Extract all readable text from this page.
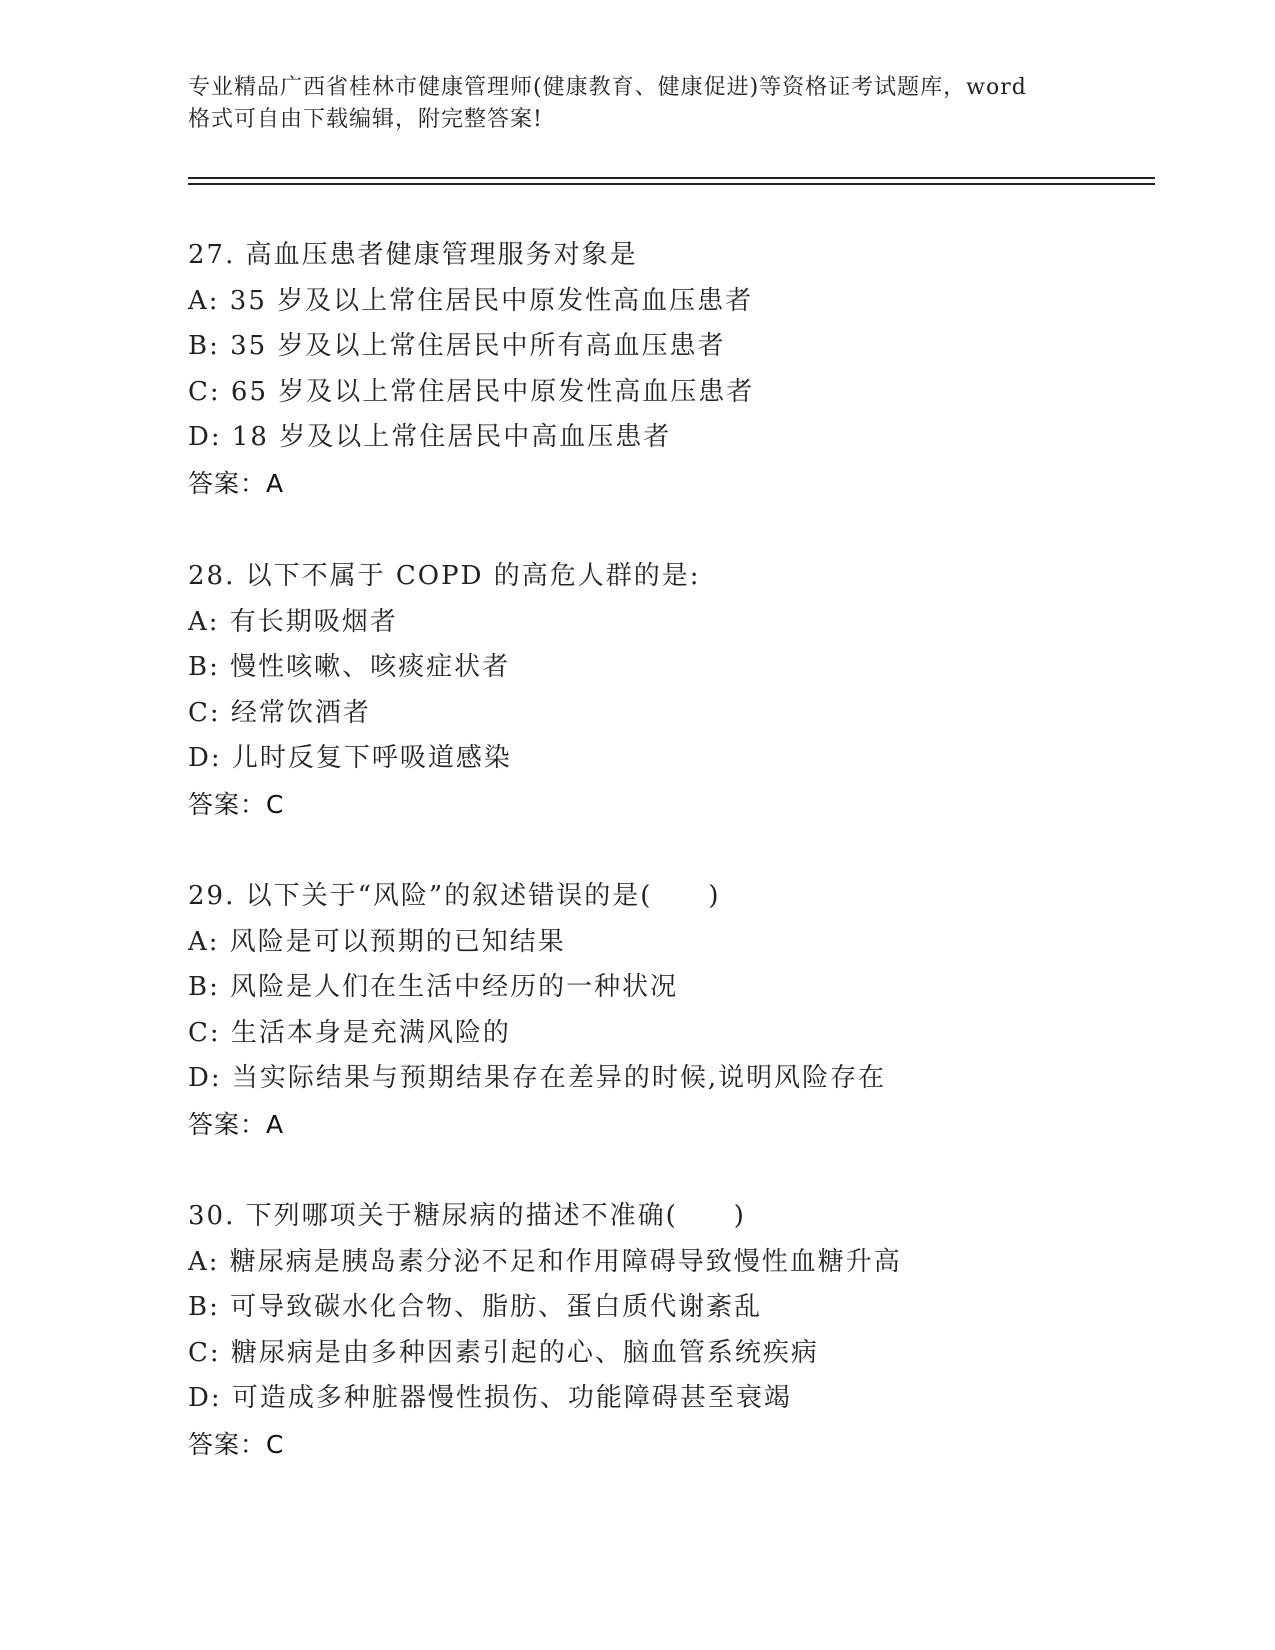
专业精品广西省桂林市健康管理师(健康教育、健康促进)等资格证考试题库，word
格式可自由下载编辑，附完整答案!
27. 高血压患者健康管理服务对象是
A: 35 岁及以上常住居民中原发性高血压患者
B: 35 岁及以上常住居民中所有高血压患者
C: 65 岁及以上常住居民中原发性高血压患者
D: 18 岁及以上常住居民中高血压患者
答案：A
28. 以下不属于 COPD 的高危人群的是:
A: 有长期吸烟者
B: 慢性咳嗽、咳痰症状者
C: 经常饮酒者
D: 儿时反复下呼吸道感染
答案：C
29. 以下关于“风险”的叙述错误的是(　　)
A: 风险是可以预期的已知结果
B: 风险是人们在生活中经历的一种状况
C: 生活本身是充满风险的
D: 当实际结果与预期结果存在差异的时候,说明风险存在
答案：A
30. 下列哪项关于糖尿病的描述不准确(　　)
A: 糖尿病是胰岛素分泌不足和作用障碍导致慢性血糖升高
B: 可导致碳水化合物、脂肪、蛋白质代谢紊乱
C: 糖尿病是由多种因素引起的心、脑血管系统疾病
D: 可造成多种脏器慢性损伤、功能障碍甚至衰竭
答案：C
